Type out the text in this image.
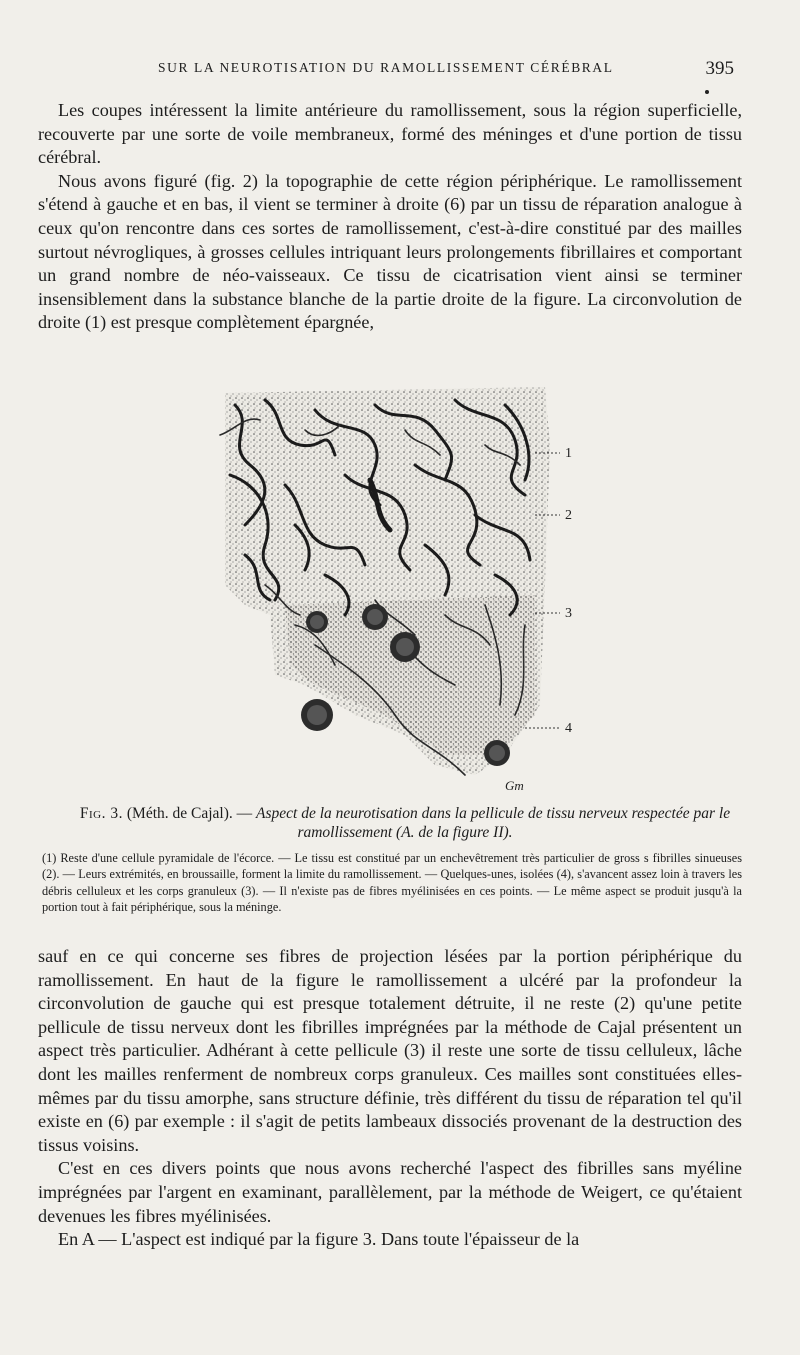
SUR LA NEUROTISATION DU RAMOLLISSEMENT CÉRÉBRAL	395

Les coupes intéressent la limite antérieure du ramollissement, sous la région superficielle, recouverte par une sorte de voile membraneux, formé des méninges et d'une portion de tissu cérébral.

Nous avons figuré (fig. 2) la topographie de cette région périphérique. Le ramollissement s'étend à gauche et en bas, il vient se terminer à droite (6) par un tissu de réparation analogue à ceux qu'on rencontre dans ces sortes de ramollissement, c'est-à-dire constitué par des mailles surtout névrogliques, à grosses cellules intriquant leurs prolongements fibrillaires et comportant un grand nombre de néo-vaisseaux. Ce tissu de cicatrisation vient ainsi se terminer insensiblement dans la substance blanche de la partie droite de la figure. La circonvolution de droite (1) est presque complètement épargnée,

1
2
3
4
Gm
Fig. 3. (Méth. de Cajal). — Aspect de la neurotisation dans la pellicule de tissu nerveux respectée par le ramollissement (A. de la figure II).

(1) Reste d'une cellule pyramidale de l'écorce. — Le tissu est constitué par un enchevêtrement très particulier de gross s fibrilles sinueuses (2). — Leurs extrémités, en broussaille, forment la limite du ramollissement. — Quelques-unes, isolées (4), s'avancent assez loin à travers les débris celluleux et les corps granuleux (3). — Il n'existe pas de fibres myélinisées en ces points. — Le même aspect se produit jusqu'à la portion tout à fait périphérique, sous la méninge.

sauf en ce qui concerne ses fibres de projection lésées par la portion périphérique du ramollissement. En haut de la figure le ramollissement a ulcéré par la profondeur la circonvolution de gauche qui est presque totalement détruite, il ne reste (2) qu'une petite pellicule de tissu nerveux dont les fibrilles imprégnées par la méthode de Cajal présentent un aspect très particulier. Adhérant à cette pellicule (3) il reste une sorte de tissu celluleux, lâche dont les mailles renferment de nombreux corps granuleux. Ces mailles sont constituées elles-mêmes par du tissu amorphe, sans structure définie, très différent du tissu de réparation tel qu'il existe en (6) par exemple : il s'agit de petits lambeaux dissociés provenant de la destruction des tissus voisins.

C'est en ces divers points que nous avons recherché l'aspect des fibrilles sans myéline imprégnées par l'argent en examinant, parallèlement, par la méthode de Weigert, ce qu'étaient devenues les fibres myélinisées.

En A — L'aspect est indiqué par la figure 3. Dans toute l'épaisseur de la
